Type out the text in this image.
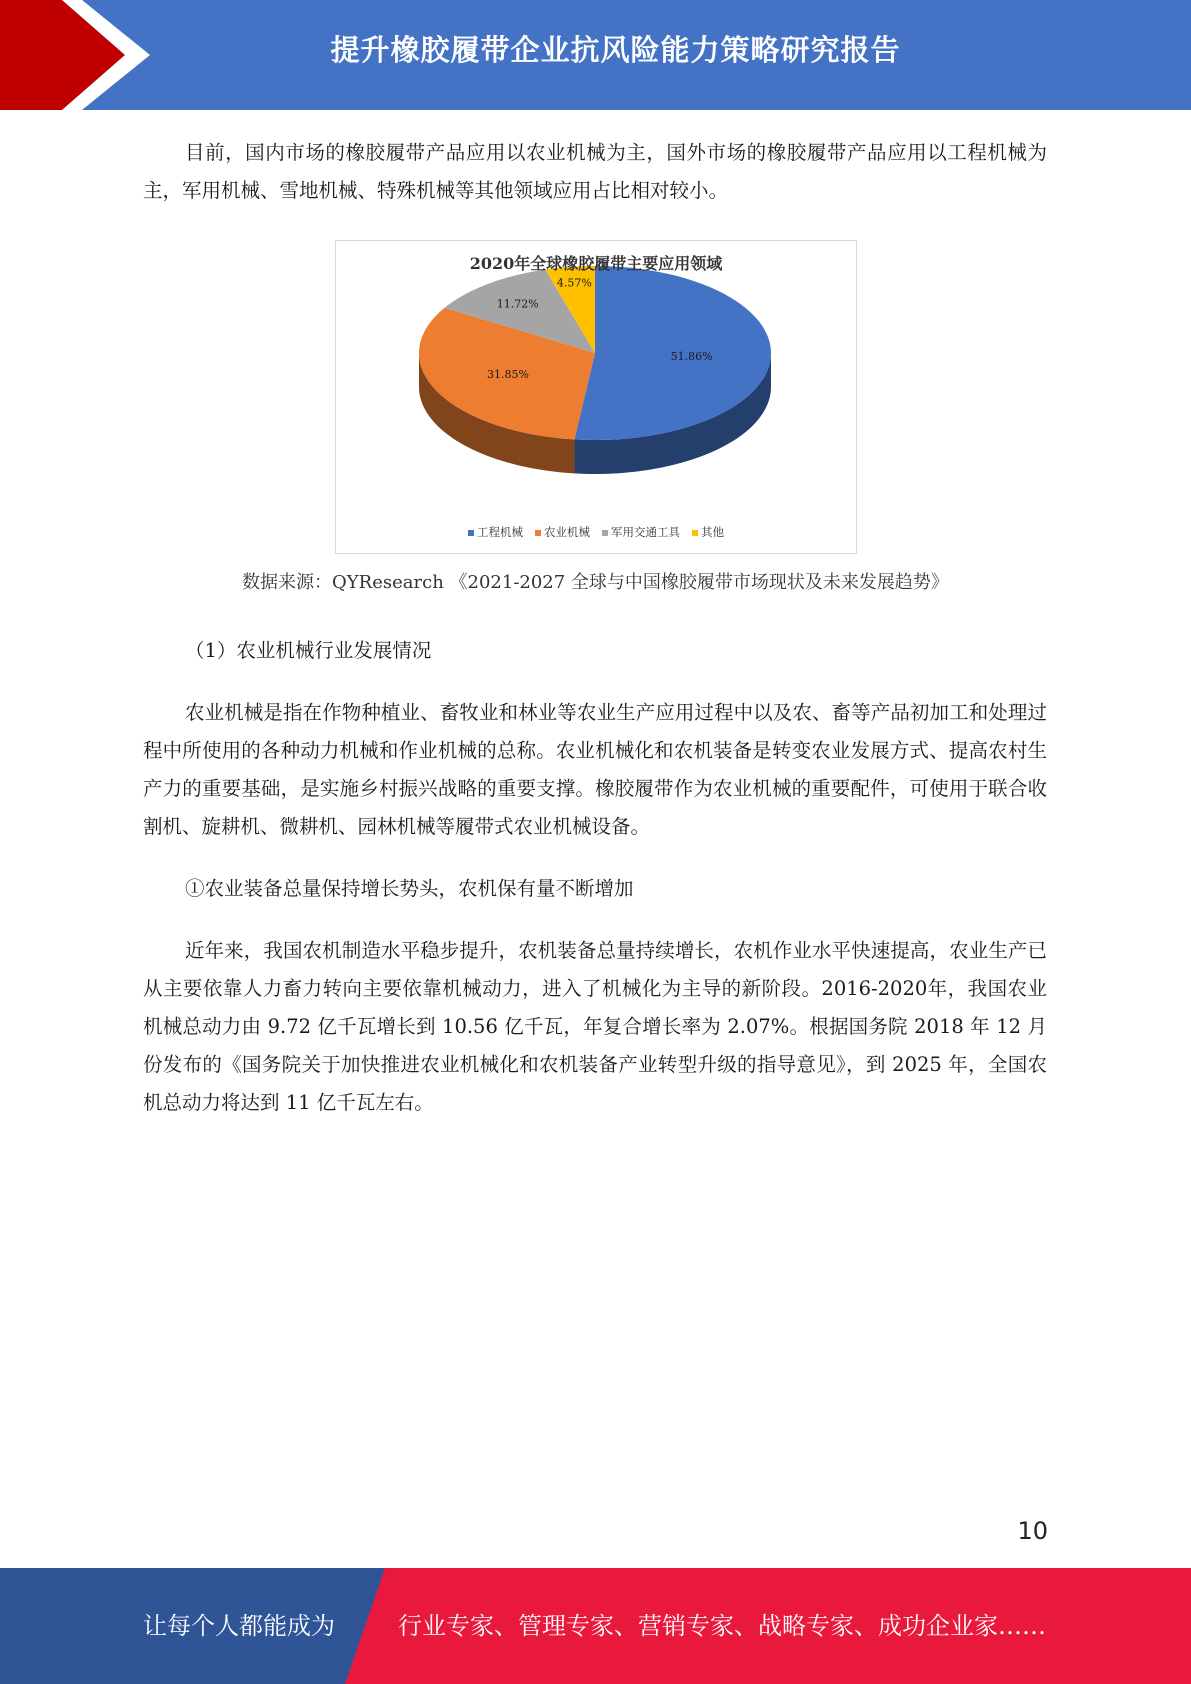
提升橡胶履带企业抗风险能力策略研究报告

目前，国内市场的橡胶履带产品应用以农业机械为主，国外市场的橡胶履带产品应用以工程机械为主，军用机械、雪地机械、特殊机械等其他领域应用占比相对较小。

51.86%
31.85%
11.72%
4.57%
2020年全球橡胶履带主要应用领域
工程机械 农业机械 军用交通工具 其他
数据来源：QYResearch 《2021-2027 全球与中国橡胶履带市场现状及未来发展趋势》

（1）农业机械行业发展情况

农业机械是指在作物种植业、畜牧业和林业等农业生产应用过程中以及农、畜等产品初加工和处理过程中所使用的各种动力机械和作业机械的总称。农业机械化和农机装备是转变农业发展方式、提高农村生产力的重要基础，是实施乡村振兴战略的重要支撑。橡胶履带作为农业机械的重要配件，可使用于联合收割机、旋耕机、微耕机、园林机械等履带式农业机械设备。

①农业装备总量保持增长势头，农机保有量不断增加

近年来，我国农机制造水平稳步提升，农机装备总量持续增长，农机作业水平快速提高，农业生产已从主要依靠人力畜力转向主要依靠机械动力，进入了机械化为主导的新阶段。2016-2020年，我国农业机械总动力由 9.72 亿千瓦增长到 10.56 亿千瓦，年复合增长率为 2.07%。根据国务院 2018 年 12 月份发布的《国务院关于加快推进农业机械化和农机装备产业转型升级的指导意见》，到 2025 年，全国农机总动力将达到 11 亿千瓦左右。

10
让每个人都能成为	行业专家、管理专家、营销专家、战略专家、成功企业家……
